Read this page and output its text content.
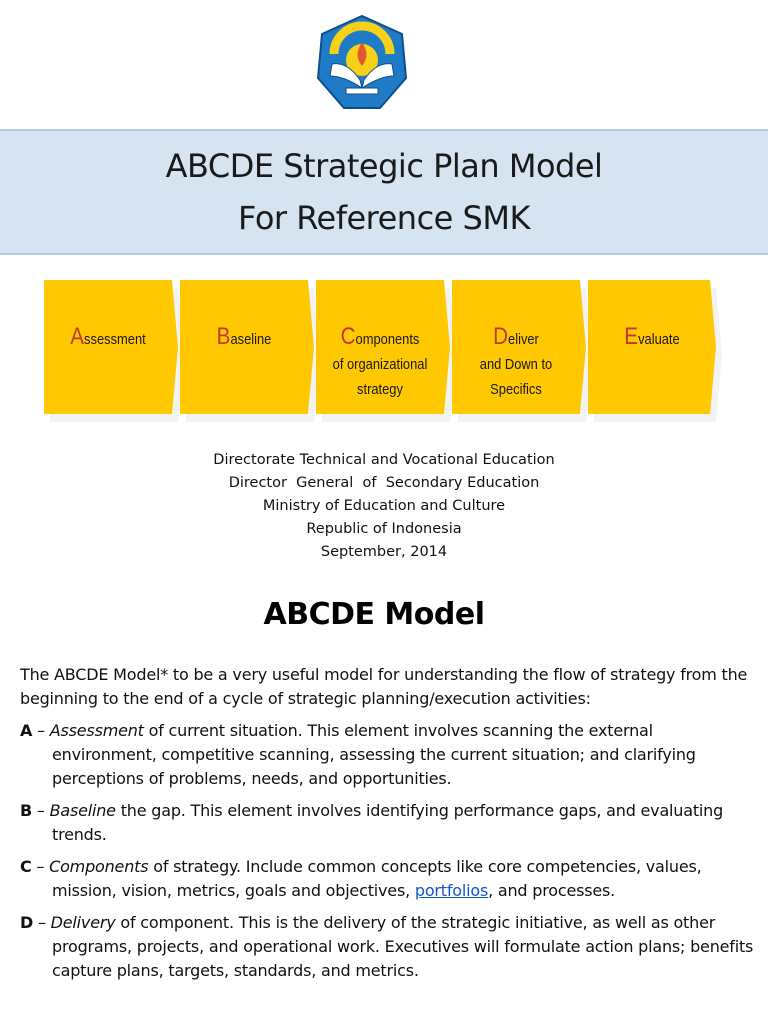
ABCDE Strategic Plan Model
For Reference SMK
Assessment	Baseline	Components
of organizational
strategy
Deliver
and Down to
Specifics
Evaluate
Directorate Technical and Vocational Education
Director  General  of  Secondary Education
Ministry of Education and Culture
Republic of Indonesia
September, 2014
ABCDE Model

The ABCDE Model* to be a very useful model for understanding the flow of strategy from the beginning to the end of a cycle of strategic planning/execution activities:

A – Assessment of current situation. This element involves scanning the external environment, competitive scanning, assessing the current situation; and clarifying perceptions of problems, needs, and opportunities.
B – Baseline the gap. This element involves identifying performance gaps, and evaluating trends.
C – Components of strategy. Include common concepts like core competencies, values, mission, vision, metrics, goals and objectives, portfolios, and processes.
D – Delivery of component. This is the delivery of the strategic initiative, as well as other programs, projects, and operational work. Executives will formulate action plans; benefits capture plans, targets, standards, and metrics.
